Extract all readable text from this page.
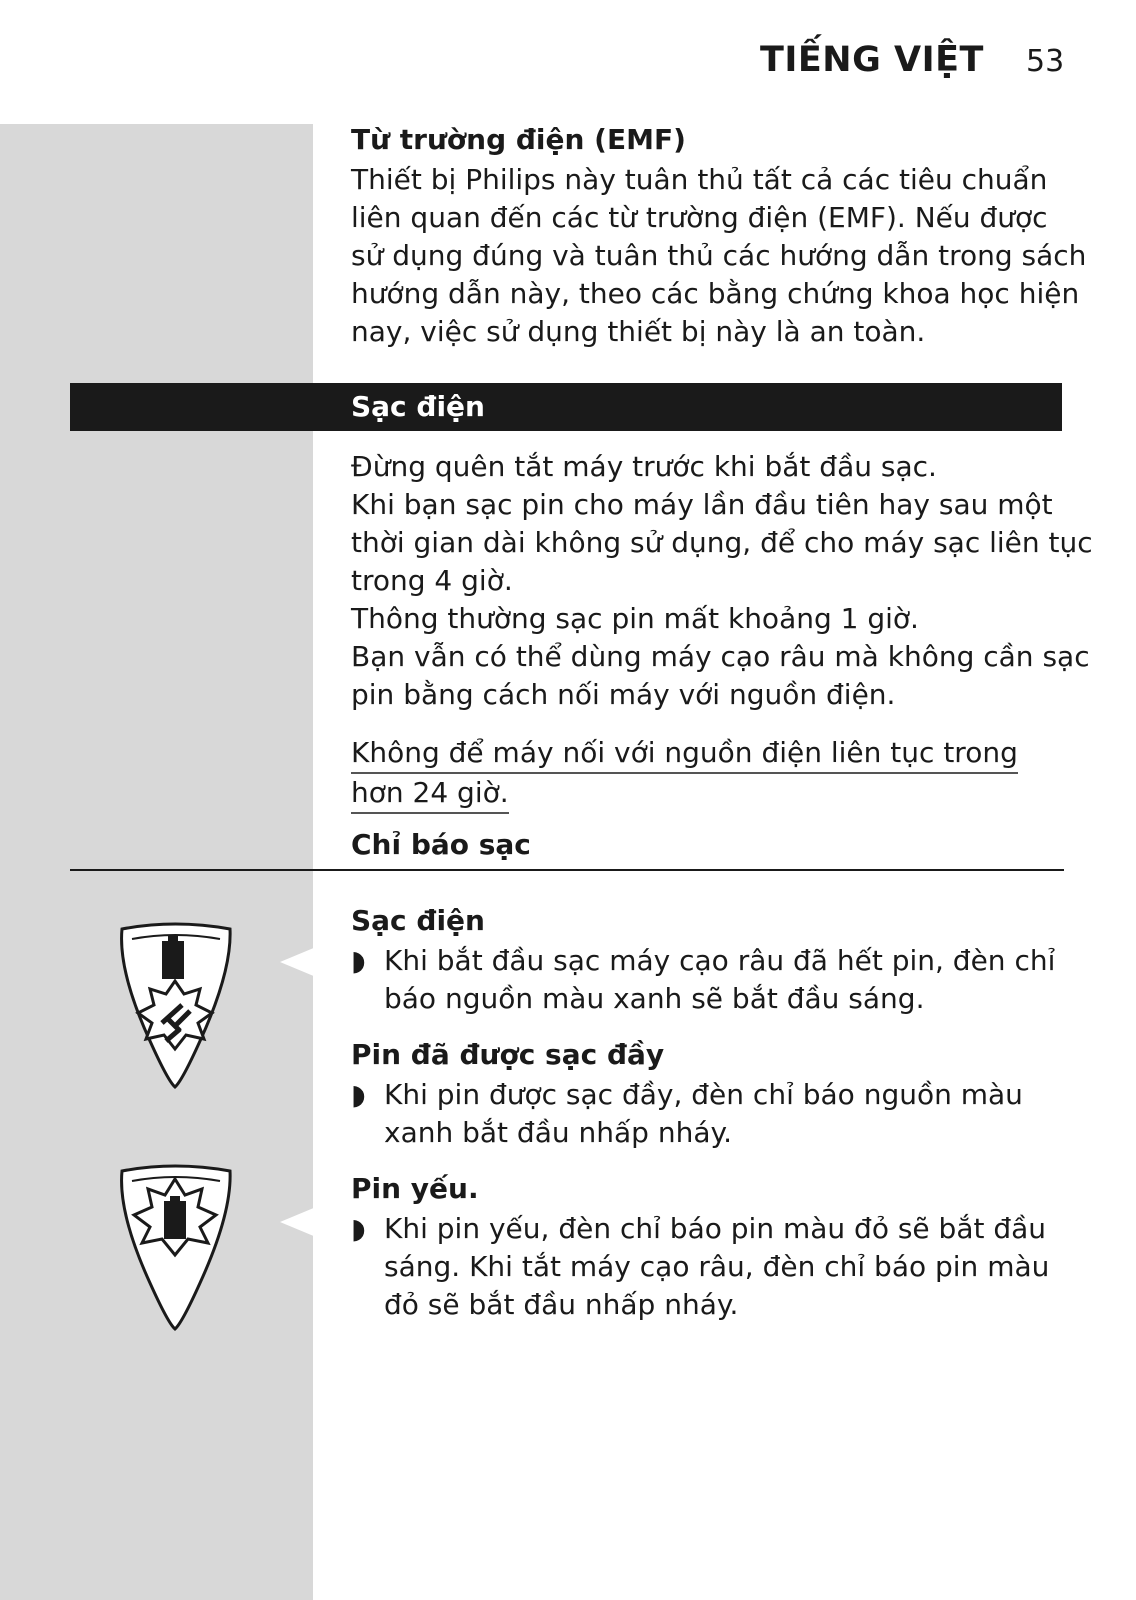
TIẾNG VIỆT 53
Từ trường điện (EMF)
Thiết bị Philips này tuân thủ tất cả các tiêu chuẩn
liên quan đến các từ trường điện (EMF). Nếu được
sử dụng đúng và tuân thủ các hướng dẫn trong sách
hướng dẫn này, theo các bằng chứng khoa học hiện
nay, việc sử dụng thiết bị này là an toàn.
Sạc điện
Đừng quên tắt máy trước khi bắt đầu sạc.
Khi bạn sạc pin cho máy lần đầu tiên hay sau một
thời gian dài không sử dụng, để cho máy sạc liên tục
trong 4 giờ.
Thông thường sạc pin mất khoảng 1 giờ.
Bạn vẫn có thể dùng máy cạo râu mà không cần sạc
pin bằng cách nối máy với nguồn điện.
Không để máy nối với nguồn điện liên tục trong
hơn 24 giờ.
Chỉ báo sạc
Sạc điện
◗ Khi bắt đầu sạc máy cạo râu đã hết pin, đèn chỉ
báo nguồn màu xanh sẽ bắt đầu sáng.
Pin đã được sạc đầy
◗ Khi pin được sạc đầy, đèn chỉ báo nguồn màu
xanh bắt đầu nhấp nháy.
Pin yếu.
◗ Khi pin yếu, đèn chỉ báo pin màu đỏ sẽ bắt đầu
sáng. Khi tắt máy cạo râu, đèn chỉ báo pin màu
đỏ sẽ bắt đầu nhấp nháy.
